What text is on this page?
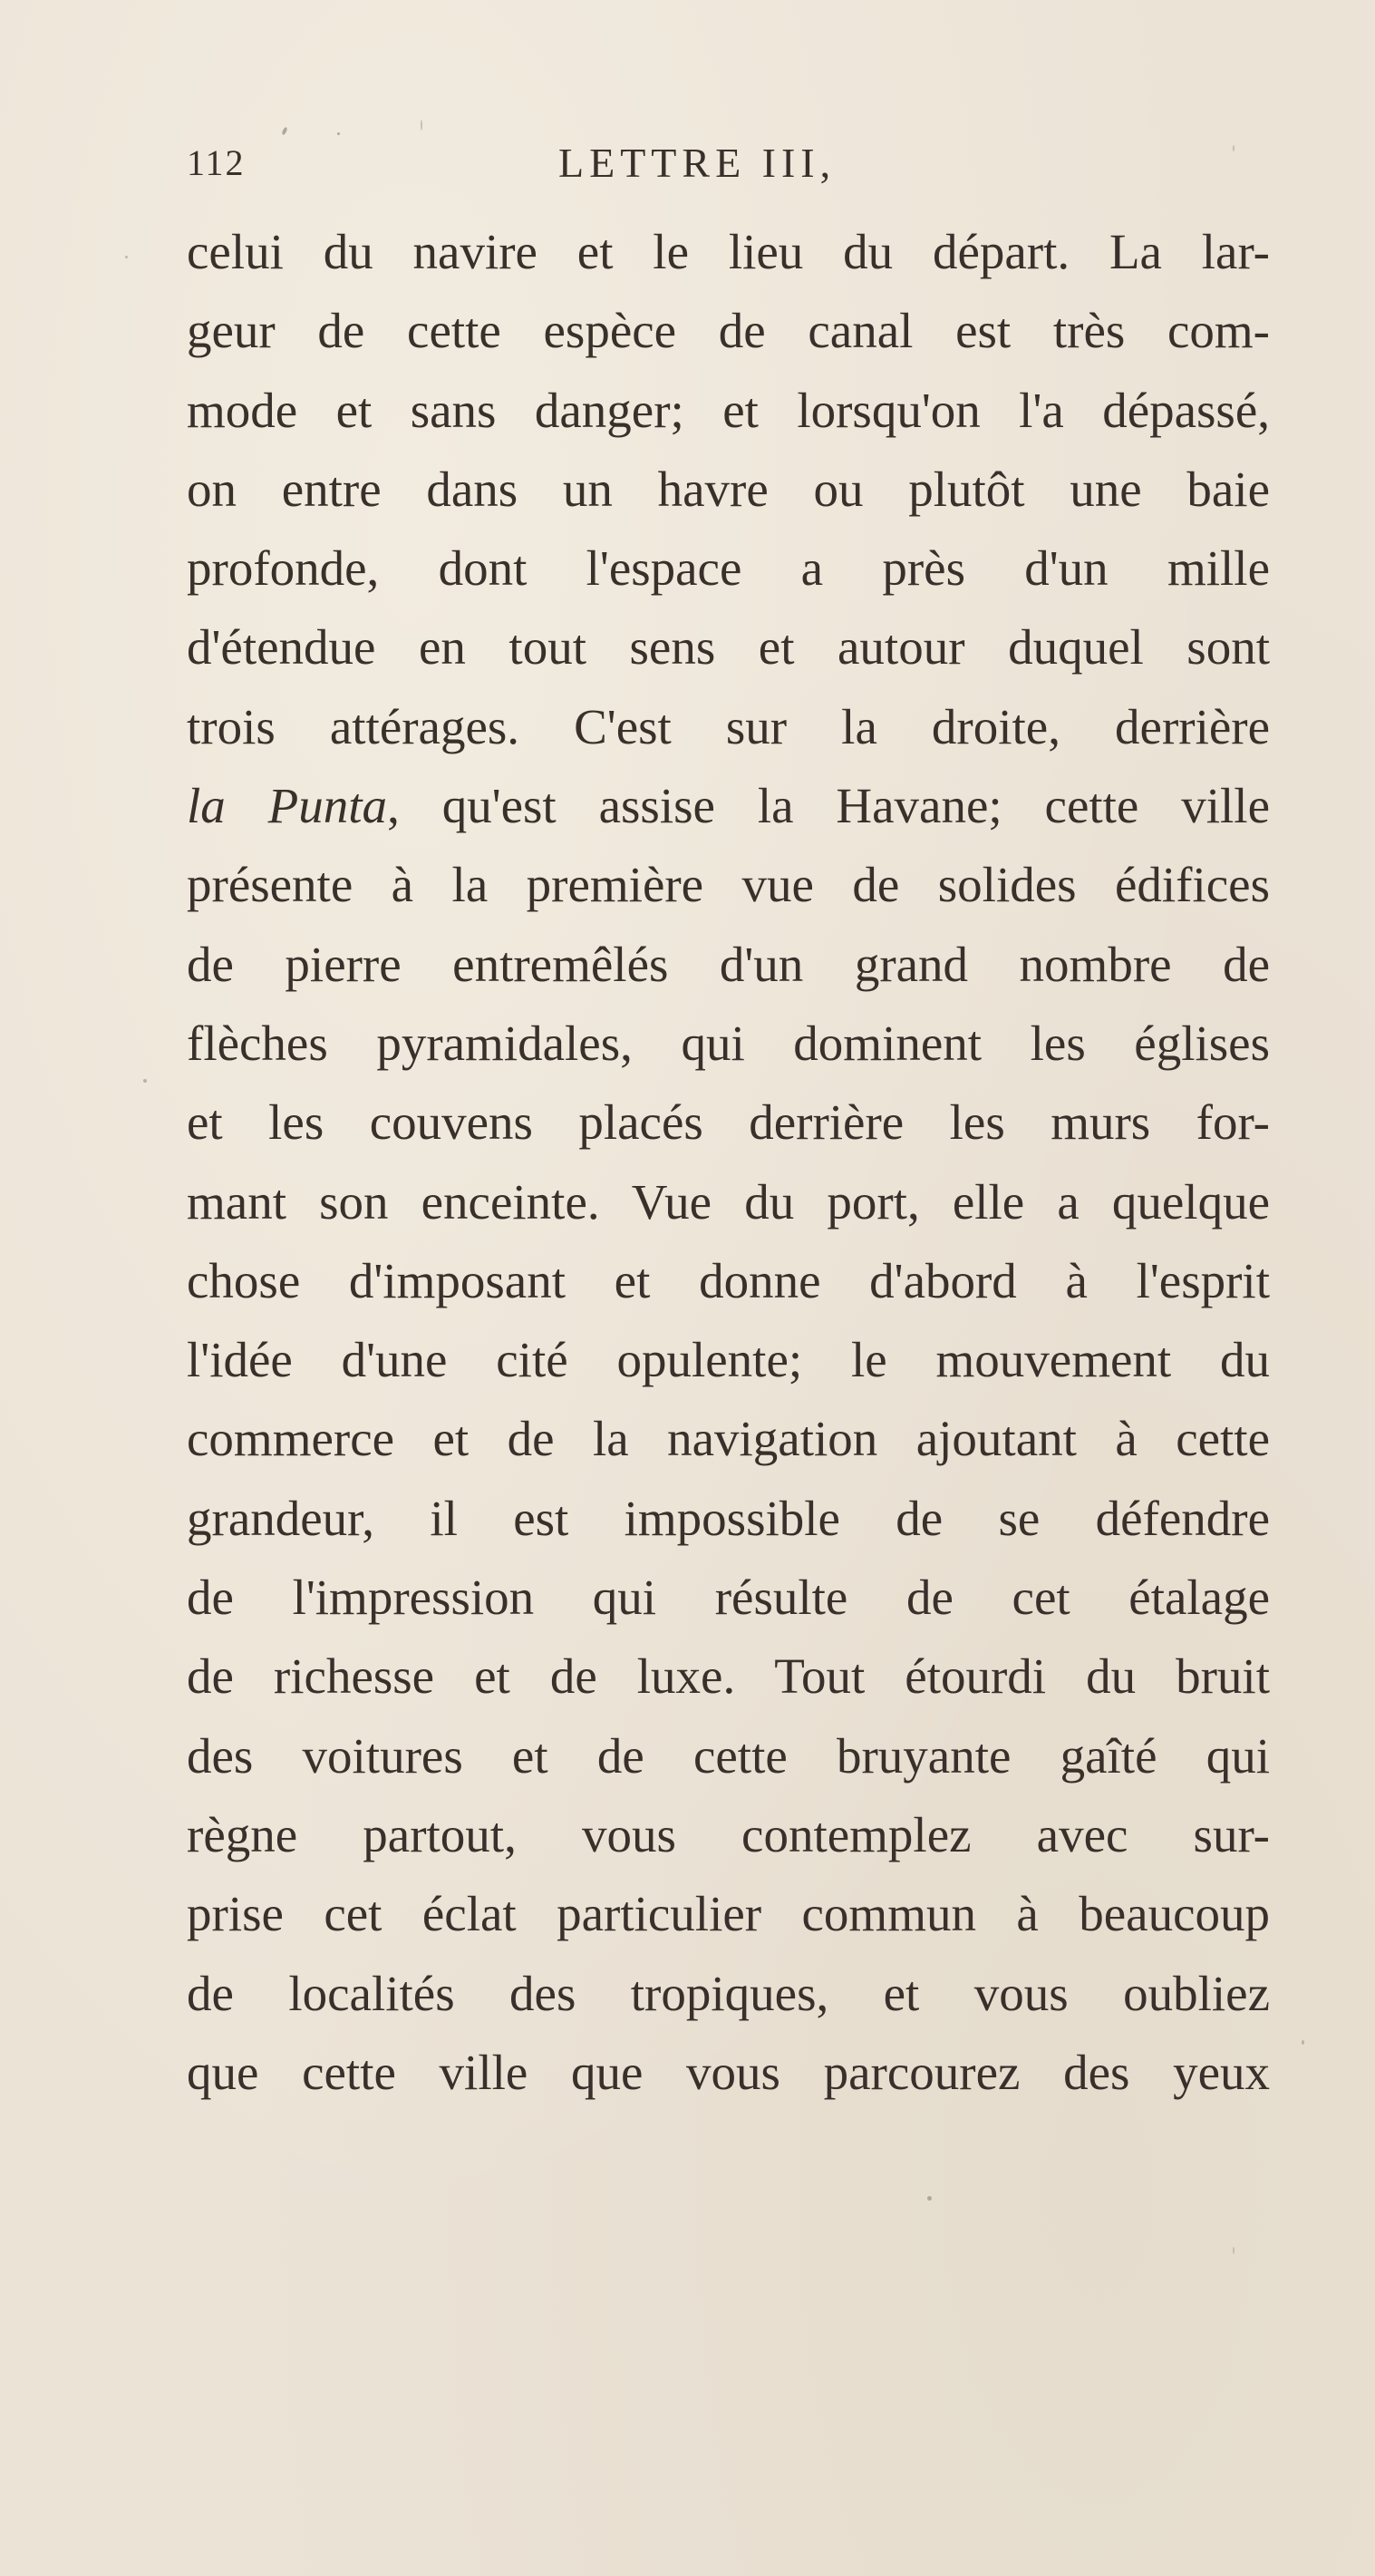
112	LETTRE III,
celui du navire et le lieu du départ. La lar-
geur de cette espèce de canal est très com-
mode et sans danger; et lorsqu'on l'a dépassé,
on entre dans un havre ou plutôt une baie
profonde, dont l'espace a près d'un mille
d'étendue en tout sens et autour duquel sont
trois attérages. C'est sur la droite, derrière
la Punta, qu'est assise la Havane; cette ville
présente à la première vue de solides édifices
de pierre entremêlés d'un grand nombre de
flèches pyramidales, qui dominent les églises
et les couvens placés derrière les murs for-
mant son enceinte. Vue du port, elle a quelque
chose d'imposant et donne d'abord à l'esprit
l'idée d'une cité opulente; le mouvement du
commerce et de la navigation ajoutant à cette
grandeur, il est impossible de se défendre
de l'impression qui résulte de cet étalage
de richesse et de luxe. Tout étourdi du bruit
des voitures et de cette bruyante gaîté qui
règne partout, vous contemplez avec sur-
prise cet éclat particulier commun à beaucoup
de localités des tropiques, et vous oubliez
que cette ville que vous parcourez des yeux
